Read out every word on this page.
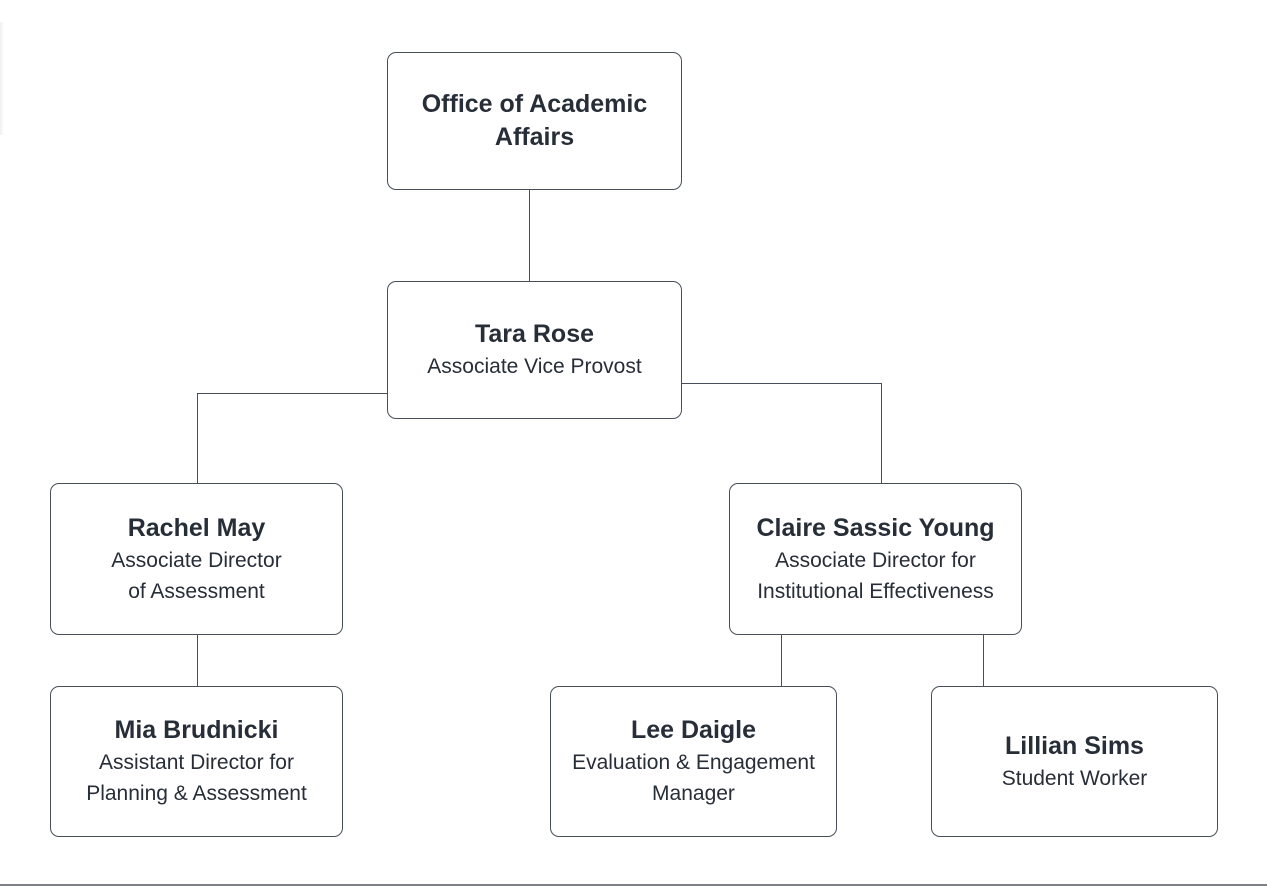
Office of Academic
Affairs
Tara Rose
Associate Vice Provost
Rachel May
Associate Director
of Assessment
Claire Sassic Young
Associate Director for
Institutional Effectiveness
Mia Brudnicki
Assistant Director for
Planning & Assessment
Lee Daigle
Evaluation & Engagement
Manager
Lillian Sims
Student Worker
